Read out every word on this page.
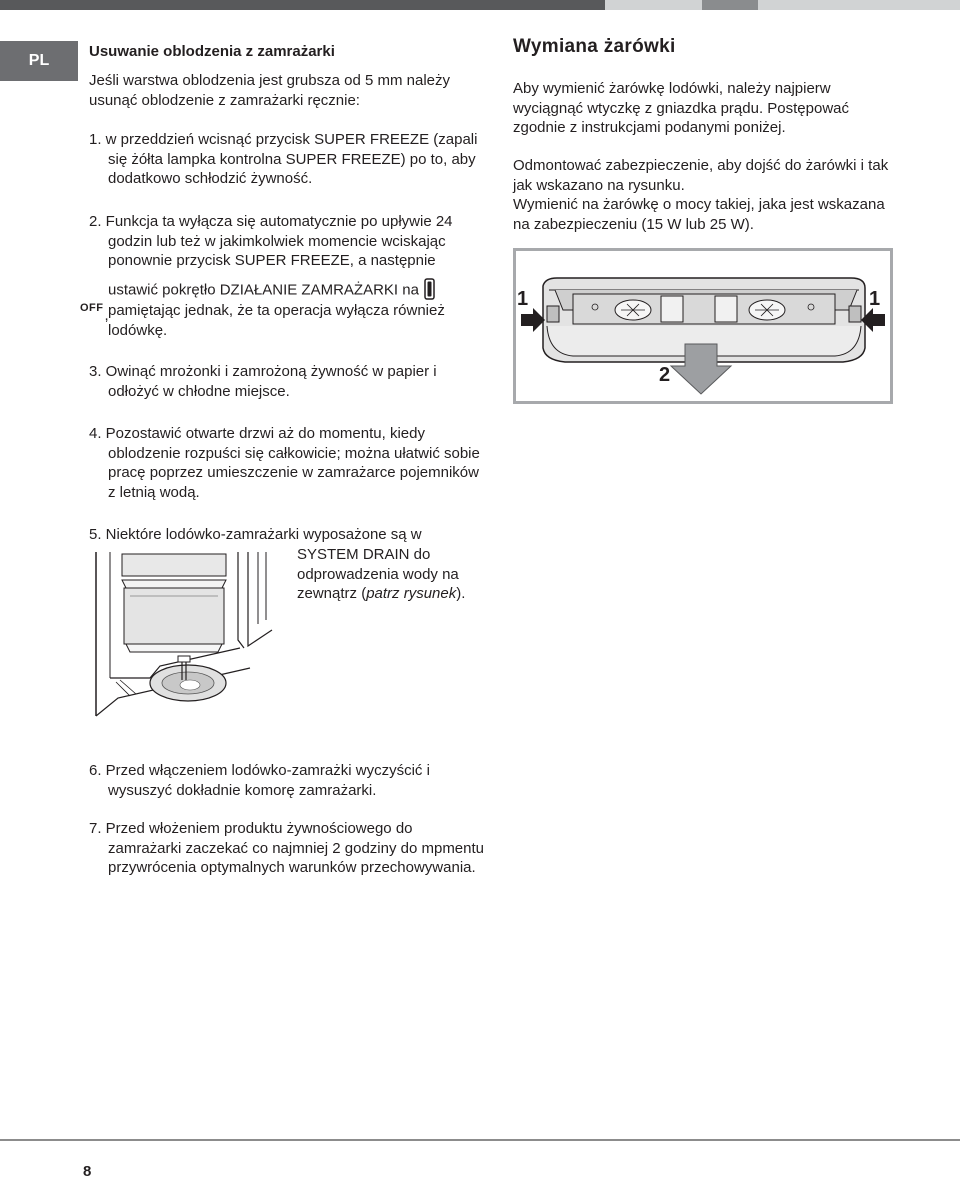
PL
Usuwanie oblodzenia z zamrażarki
Jeśli warstwa oblodzenia jest grubsza od 5 mm należy usunąć oblodzenie z zamrażarki ręcznie:
1. w przeddzień wcisnąć przycisk SUPER FREEZE (zapali się żółta lampka kontrolna SUPER FREEZE) po to, aby dodatkowo schłodzić żywność.
2. Funkcja ta wyłącza się automatycznie po upływie 24 godzin lub też w jakimkolwiek momencie wciskając ponownie przycisk SUPER FREEZE, a następnie
ustawić pokrętło DZIAŁANIE ZAMRAŻARKI na $^{OFF}$, pamiętając jednak, że ta operacja wyłącza również lodówkę.
3. Owinąć mrożonki i zamrożoną żywność w papier i odłożyć w chłodne miejsce.
4. Pozostawić otwarte drzwi aż do momentu, kiedy oblodzenie rozpuści się całkowicie; można ułatwić sobie pracę poprzez umieszczenie w zamrażarce pojemników z letnią wodą.
5. Niektóre lodówko-zamrażarki wyposażone są w
SYSTEM DRAIN do odprowadzenia wody na zewnątrz (patrz rysunek).
6. Przed włączeniem lodówko-zamrażki wyczyścić i wysuszyć dokładnie komorę zamrażarki.
7. Przed włożeniem produktu żywnościowego do zamrażarki zaczekać co najmniej 2 godziny do mpmentu przywrócenia optymalnych warunków przechowywania.
Wymiana żarówki
Aby wymienić żarówkę lodówki, należy najpierw wyciągnąć wtyczkę z gniazdka prądu. Postępować zgodnie z instrukcjami podanymi poniżej.
Odmontować zabezpieczenie, aby dojść do żarówki i tak jak wskazano na rysunku.
Wymienić na żarówkę o mocy takiej, jaka jest wskazana na zabezpieczeniu (15 W lub 25 W).
1	1
2
8
